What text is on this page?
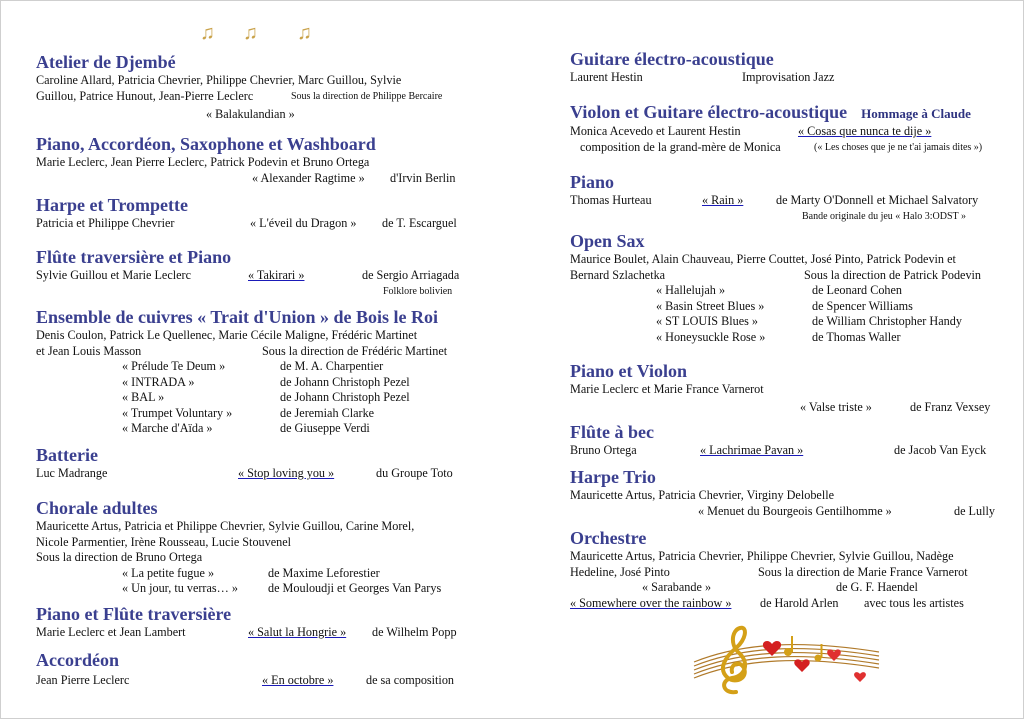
♫ ♫ ♫
Atelier de Djembé
Caroline Allard, Patricia Chevrier, Philippe Chevrier, Marc Guillou, Sylvie
Guillou, Patrice Hunout, Jean-Pierre Leclerc	Sous la direction de Philippe Bercaire
« Balakulandian »
Piano, Accordéon, Saxophone et Washboard
Marie Leclerc, Jean Pierre Leclerc, Patrick Podevin et Bruno Ortega
« Alexander Ragtime » d'Irvin Berlin
Harpe et Trompette
Patricia et Philippe Chevrier	« L'éveil du Dragon » de T. Escarguel
Flûte traversière et Piano
Sylvie Guillou et Marie Leclerc	« Takirari »	de Sergio Arriagada
Folklore bolivien
Ensemble de cuivres « Trait d'Union » de Bois le Roi
Denis Coulon, Patrick Le Quellenec, Marie Cécile Maligne, Frédéric Martinet
et Jean Louis Masson	Sous la direction de Frédéric Martinet
« Prélude Te Deum »	de M. A. Charpentier
« INTRADA »	de Johann Christoph Pezel
« BAL »	de Johann Christoph Pezel
« Trumpet Voluntary »	de Jeremiah Clarke
« Marche d'Aïda »	de Giuseppe Verdi
Batterie
Luc Madrange	« Stop loving you »	du Groupe Toto
Chorale adultes
Mauricette Artus, Patricia et Philippe Chevrier, Sylvie Guillou, Carine Morel,
Nicole Parmentier, Irène Rousseau, Lucie Stouvenel
Sous la direction de Bruno Ortega
« La petite fugue »	de Maxime Leforestier
« Un jour, tu verras… » de Mouloudji et Georges Van Parys
Piano et Flûte traversière
Marie Leclerc et Jean Lambert	« Salut la Hongrie » de Wilhelm Popp
Accordéon
Jean Pierre Leclerc	« En octobre »	de sa composition
Guitare électro-acoustique
Laurent Hestin	Improvisation Jazz
Violon et Guitare électro-acoustique Hommage à Claude
Monica Acevedo et Laurent Hestin	« Cosas que nunca te dije »
composition de la grand-mère de Monica	(« Les choses que je ne t'ai jamais dites »)
Piano
Thomas Hurteau	« Rain »	de Marty O'Donnell et Michael Salvatory
Bande originale du jeu « Halo 3:ODST »
Open Sax
Maurice Boulet, Alain Chauveau, Pierre Couttet, José Pinto, Patrick Podevin et
Bernard Szlachetka	Sous la direction de Patrick Podevin
« Hallelujah »	de Leonard Cohen
« Basin Street Blues »	de Spencer Williams
« ST LOUIS Blues »	de William Christopher Handy
« Honeysuckle Rose »	de Thomas Waller
Piano et Violon
Marie Leclerc et Marie France Varnerot
« Valse triste »	de Franz Vexsey
Flûte à bec
Bruno Ortega	« Lachrimae Pavan »	de Jacob Van Eyck
Harpe Trio
Mauricette Artus, Patricia Chevrier, Virginy Delobelle
« Menuet du Bourgeois Gentilhomme »	de Lully
Orchestre
Mauricette Artus, Patricia Chevrier, Philippe Chevrier, Sylvie Guillou, Nadège
Hedeline, José Pinto	Sous la direction de Marie France Varnerot
« Sarabande »	de G. F. Haendel
« Somewhere over the rainbow » de Harold Arlen avec tous les artistes
